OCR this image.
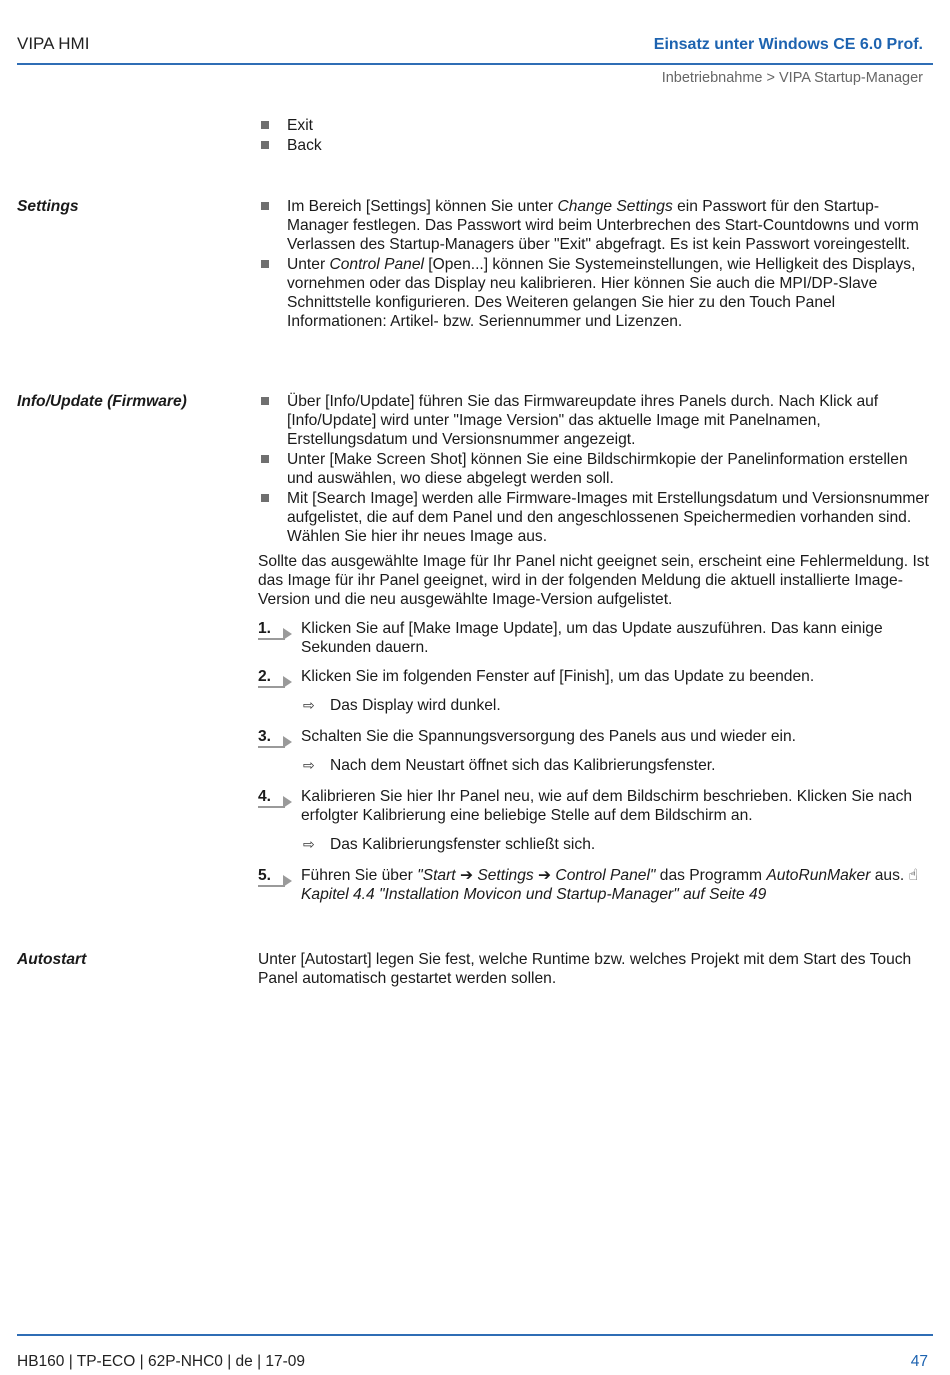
VIPA HMI	Einsatz unter Windows CE 6.0 Prof.
Inbetriebnahme > VIPA Startup-Manager
Exit
Back
Settings	Im Bereich [Settings] können Sie unter Change Settings ein Passwort für den Startup-Manager festlegen. Das Passwort wird beim Unterbrechen des Start-Countdowns und vorm Verlassen des Startup-Managers über "Exit" abgefragt. Es ist kein Passwort voreingestellt.
Unter Control Panel [Open...] können Sie Systemeinstellungen, wie Helligkeit des Displays, vornehmen oder das Display neu kalibrieren. Hier können Sie auch die MPI/DP-Slave Schnittstelle konfigurieren. Des Weiteren gelangen Sie hier zu den Touch Panel Informationen: Artikel- bzw. Seriennummer und Lizenzen.
Info/Update (Firmware)	Über [Info/Update] führen Sie das Firmwareupdate ihres Panels durch. Nach Klick auf [Info/Update] wird unter "Image Version" das aktuelle Image mit Panelnamen, Erstellungsdatum und Versionsnummer angezeigt.
Unter [Make Screen Shot] können Sie eine Bildschirmkopie der Panelinformation erstellen und auswählen, wo diese abgelegt werden soll.
Mit [Search Image] werden alle Firmware-Images mit Erstellungsdatum und Versionsnummer aufgelistet, die auf dem Panel und den angeschlossenen Speichermedien vorhanden sind. Wählen Sie hier ihr neues Image aus.

Sollte das ausgewählte Image für Ihr Panel nicht geeignet sein, erscheint eine Fehlermeldung. Ist das Image für ihr Panel geeignet, wird in der folgenden Meldung die aktuell installierte Image-Version und die neu ausgewählte Image-Version aufgelistet.

1. Klicken Sie auf [Make Image Update], um das Update auszuführen. Das kann einige Sekunden dauern.
2. Klicken Sie im folgenden Fenster auf [Finish], um das Update zu beenden.
⇨ Das Display wird dunkel.
3. Schalten Sie die Spannungsversorgung des Panels aus und wieder ein.
⇨ Nach dem Neustart öffnet sich das Kalibrierungsfenster.
4. Kalibrieren Sie hier Ihr Panel neu, wie auf dem Bildschirm beschrieben. Klicken Sie nach erfolgter Kalibrierung eine beliebige Stelle auf dem Bildschirm an.
⇨ Das Kalibrierungsfenster schließt sich.
5. Führen Sie über "Start ➔ Settings ➔ Control Panel" das Programm AutoRunMaker aus. ☝ Kapitel 4.4 "Installation Movicon und Startup-Manager" auf Seite 49
Autostart	Unter [Autostart] legen Sie fest, welche Runtime bzw. welches Projekt mit dem Start des Touch Panel automatisch gestartet werden sollen.

HB160 | TP-ECO | 62P-NHC0 | de | 17-09	47
